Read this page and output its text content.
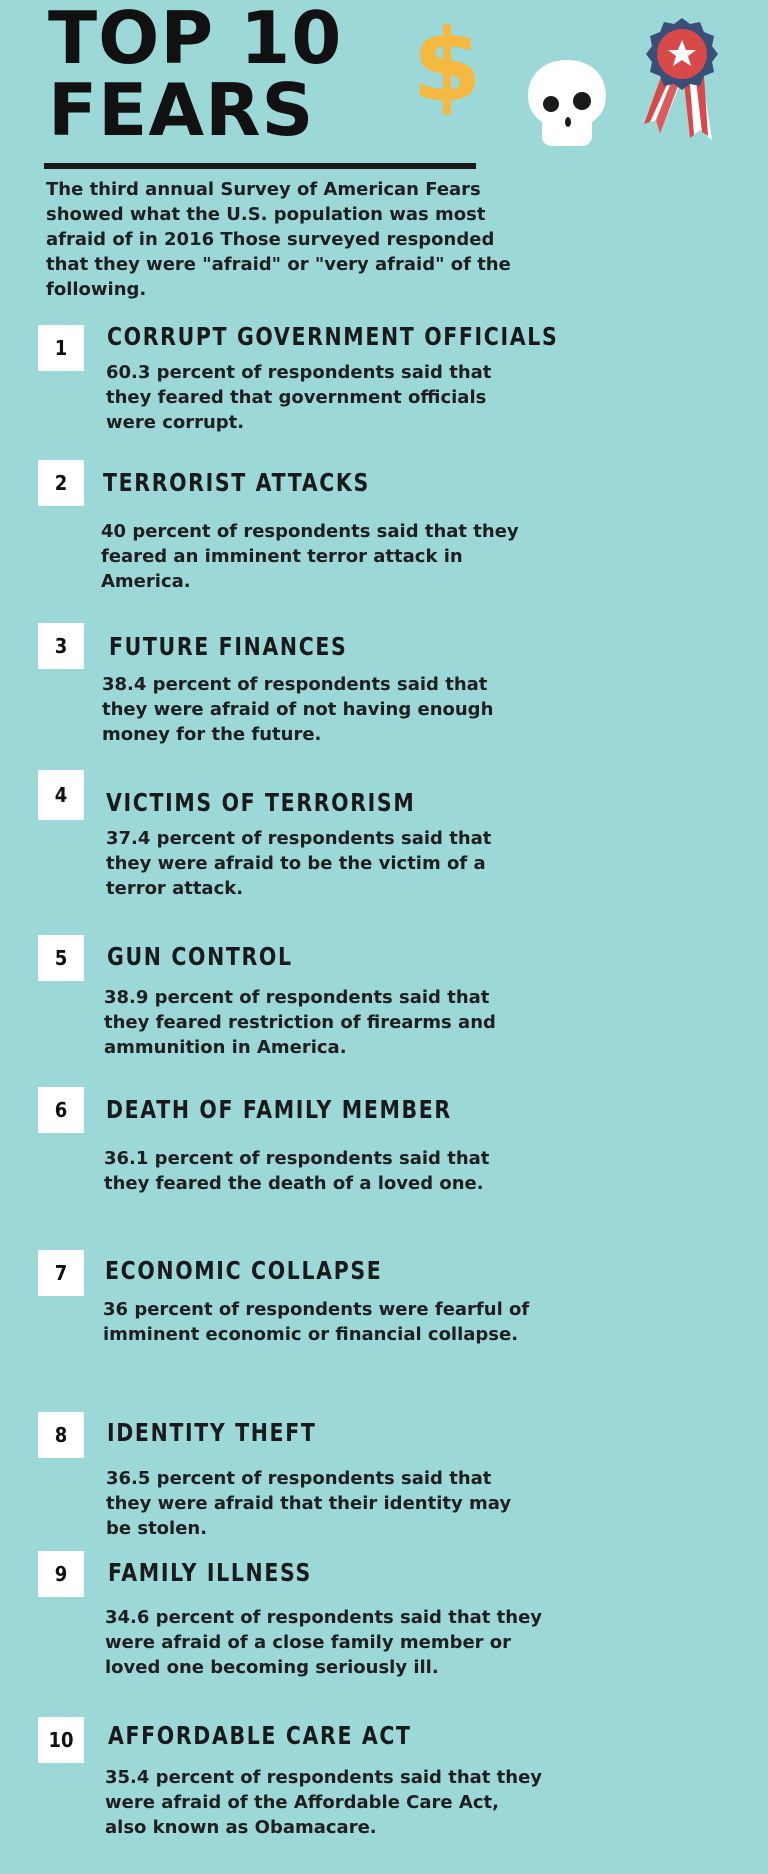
TOP 10
FEARS $

The third annual Survey of American Fears showed what the U.S. population was most afraid of in 2016 Those surveyed responded that they were "afraid" or "very afraid" of the following.

1	CORRUPT GOVERNMENT OFFICIALS
60.3 percent of respondents said that they feared that government officials were corrupt.
2	TERRORIST ATTACKS
40 percent of respondents said that they feared an imminent terror attack in America.
3	FUTURE FINANCES
38.4 percent of respondents said that they were afraid of not having enough money for the future.
4	VICTIMS OF TERRORISM
37.4 percent of respondents said that they were afraid to be the victim of a terror attack.
5	GUN CONTROL
38.9 percent of respondents said that they feared restriction of firearms and ammunition in America.
6	DEATH OF FAMILY MEMBER
36.1 percent of respondents said that they feared the death of a loved one.
7	ECONOMIC COLLAPSE
36 percent of respondents were fearful of imminent economic or financial collapse.
8	IDENTITY THEFT
36.5 percent of respondents said that they were afraid that their identity may be stolen.
9	FAMILY ILLNESS
34.6 percent of respondents said that they were afraid of a close family member or loved one becoming seriously ill.
10	AFFORDABLE CARE ACT
35.4 percent of respondents said that they were afraid of the Affordable Care Act, also known as Obamacare.
